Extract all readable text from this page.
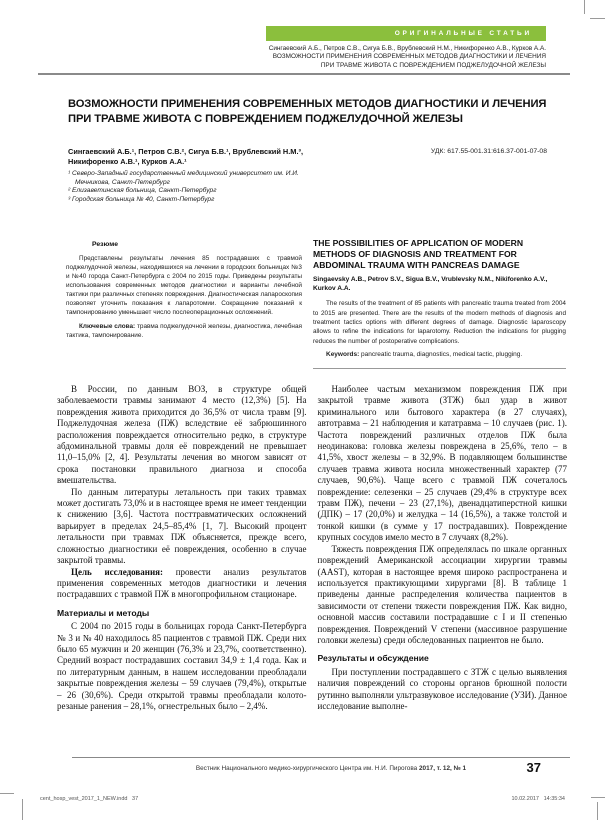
ОРИГИНАЛЬНЫЕ СТАТЬИ
Сингаевский А.Б., Петров С.В., Сигуа Б.В., Врублевский Н.М., Никифоренко А.В., Курков А.А.
ВОЗМОЖНОСТИ ПРИМЕНЕНИЯ СОВРЕМЕННЫХ МЕТОДОВ ДИАГНОСТИКИ И ЛЕЧЕНИЯ
ПРИ ТРАВМЕ ЖИВОТА С ПОВРЕЖДЕНИЕМ ПОДЖЕЛУДОЧНОЙ ЖЕЛЕЗЫ
ВОЗМОЖНОСТИ ПРИМЕНЕНИЯ СОВРЕМЕННЫХ МЕТОДОВ ДИАГНОСТИКИ И ЛЕЧЕНИЯ
ПРИ ТРАВМЕ ЖИВОТА С ПОВРЕЖДЕНИЕМ ПОДЖЕЛУДОЧНОЙ ЖЕЛЕЗЫ
Сингаевский А.Б.¹, Петров С.В.², Сигуа Б.В.¹, Врублевский Н.М.³,
Никифоренко А.В.¹, Курков А.А.¹
УДК: 617.55-001.31:616.37-001-07-08
¹ Северо-Западный государственный медицинский университет им. И.И. Мечникова, Санкт-Петербург
² Елизаветинская больница, Санкт-Петербург
³ Городская больница № 40, Санкт-Петербург
Резюме

Представлены результаты лечения 85 пострадавших с травмой поджелудочной железы, находившихся на лечении в городских больницах №3 и №40 города Санкт-Петербурга с 2004 по 2015 годы. Приведены результаты использования современных методов диагностики и варианты лечебной тактики при различных степенях повреждения. Диагностическая лапароскопия позволяет уточнить показания к лапаротомии. Сокращение показаний к тампонированию уменьшает число послеоперационных осложнений.

Ключевые слова: травма поджелудочной железы, диагностика, лечебная тактика, тампонирование.

THE POSSIBILITIES OF APPLICATION OF MODERN METHODS OF DIAGNOSIS AND TREATMENT FOR ABDOMINAL TRAUMA WITH PANCREAS DAMAGE
Singaevsky A.B., Petrov S.V., Sigua B.V., Vrublevsky N.M., Nikiforenko A.V., Kurkov A.A.
The results of the treatment of 85 patients with pancreatic trauma treated from 2004 to 2015 are presented. There are the results of the modern methods of diagnosis and treatment tactics options with different degrees of damage. Diagnostic laparoscopy allows to refine the indications for laparotomy. Reduction the indications for plugging reduces the number of postoperative complications.
Keywords: pancreatic trauma, diagnostics, medical tactic, plugging.

В России, по данным ВОЗ, в структуре общей заболеваемости травмы занимают 4 место (12,3%) [5]. На повреждения живота приходится до 36,5% от числа травм [9]. Поджелудочная железа (ПЖ) вследствие её забрюшинного расположения повреждается относительно редко, в структуре абдоминальной травмы доля её повреждений не превышает 11,0–15,0% [2, 4]. Результаты лечения во многом зависят от срока постановки правильного диагноза и способа вмешательства.

По данным литературы летальность при таких травмах может достигать 73,0% и в настоящее время не имеет тенденции к снижению [3,6]. Частота посттравматических осложнений варьирует в пределах 24,5–85,4% [1, 7]. Высокий процент летальности при травмах ПЖ объясняется, прежде всего, сложностью диагностики её повреждения, особенно в случае закрытой травмы.

Цель исследования: провести анализ результатов применения современных методов диагностики и лечения пострадавших с травмой ПЖ в многопрофильном стационаре.

Материалы и методы

С 2004 по 2015 годы в больницах города Санкт-Петербурга № 3 и № 40 находилось 85 пациентов с травмой ПЖ. Среди них было 65 мужчин и 20 женщин (76,3% и 23,7%, соответственно). Средний возраст пострадавших составил 34,9 ± 1,4 года. Как и по литературным данным, в нашем исследовании преобладали закрытые повреждения железы – 59 случаев (79,4%), открытые – 26 (30,6%). Среди открытой травмы преобладали колото-резаные ранения – 28,1%, огнестрельных было – 2,4%.

Наиболее частым механизмом повреждения ПЖ при закрытой травме живота (ЗТЖ) был удар в живот криминального или бытового характера (в 27 случаях), автотравма – 21 наблюдения и кататравма – 10 случаев (рис. 1). Частота повреждений различных отделов ПЖ была неодинакова: головка железы повреждена в 25,6%, тело – в 41,5%, хвост железы – в 32,9%. В подавляющем большинстве случаев травма живота носила множественный характер (77 случаев, 90,6%). Чаще всего с травмой ПЖ сочеталось повреждение: селезенки – 25 случаев (29,4% в структуре всех травм ПЖ), печени – 23 (27,1%), двенадцатиперстной кишки (ДПК) – 17 (20,0%) и желудка – 14 (16,5%), а также толстой и тонкой кишки (в сумме у 17 пострадавших). Повреждение крупных сосудов имело место в 7 случаях (8,2%).

Тяжесть повреждения ПЖ определялась по шкале органных повреждений Американской ассоциации хирургии травмы (AAST), которая в настоящее время широко распространена и используется практикующими хирургами [8]. В таблице 1 приведены данные распределения количества пациентов в зависимости от степени тяжести повреждения ПЖ. Как видно, основной массив составили пострадавшие с I и II степенью повреждения. Повреждений V степени (массивное разрушение головки железы) среди обследованных пациентов не было.

Результаты и обсуждение

При поступлении пострадавшего с ЗТЖ с целью выявления наличия повреждений со стороны органов брюшной полости рутинно выполняли ультразвуковое исследование (УЗИ). Данное исследование выполне-

Вестник Национального медико-хирургического Центра им. Н.И. Пирогова 2017, т. 12, № 1	37
cent_hosp_vest_2017_1_NEW.indd   37	10.02.2017   14:35:34
